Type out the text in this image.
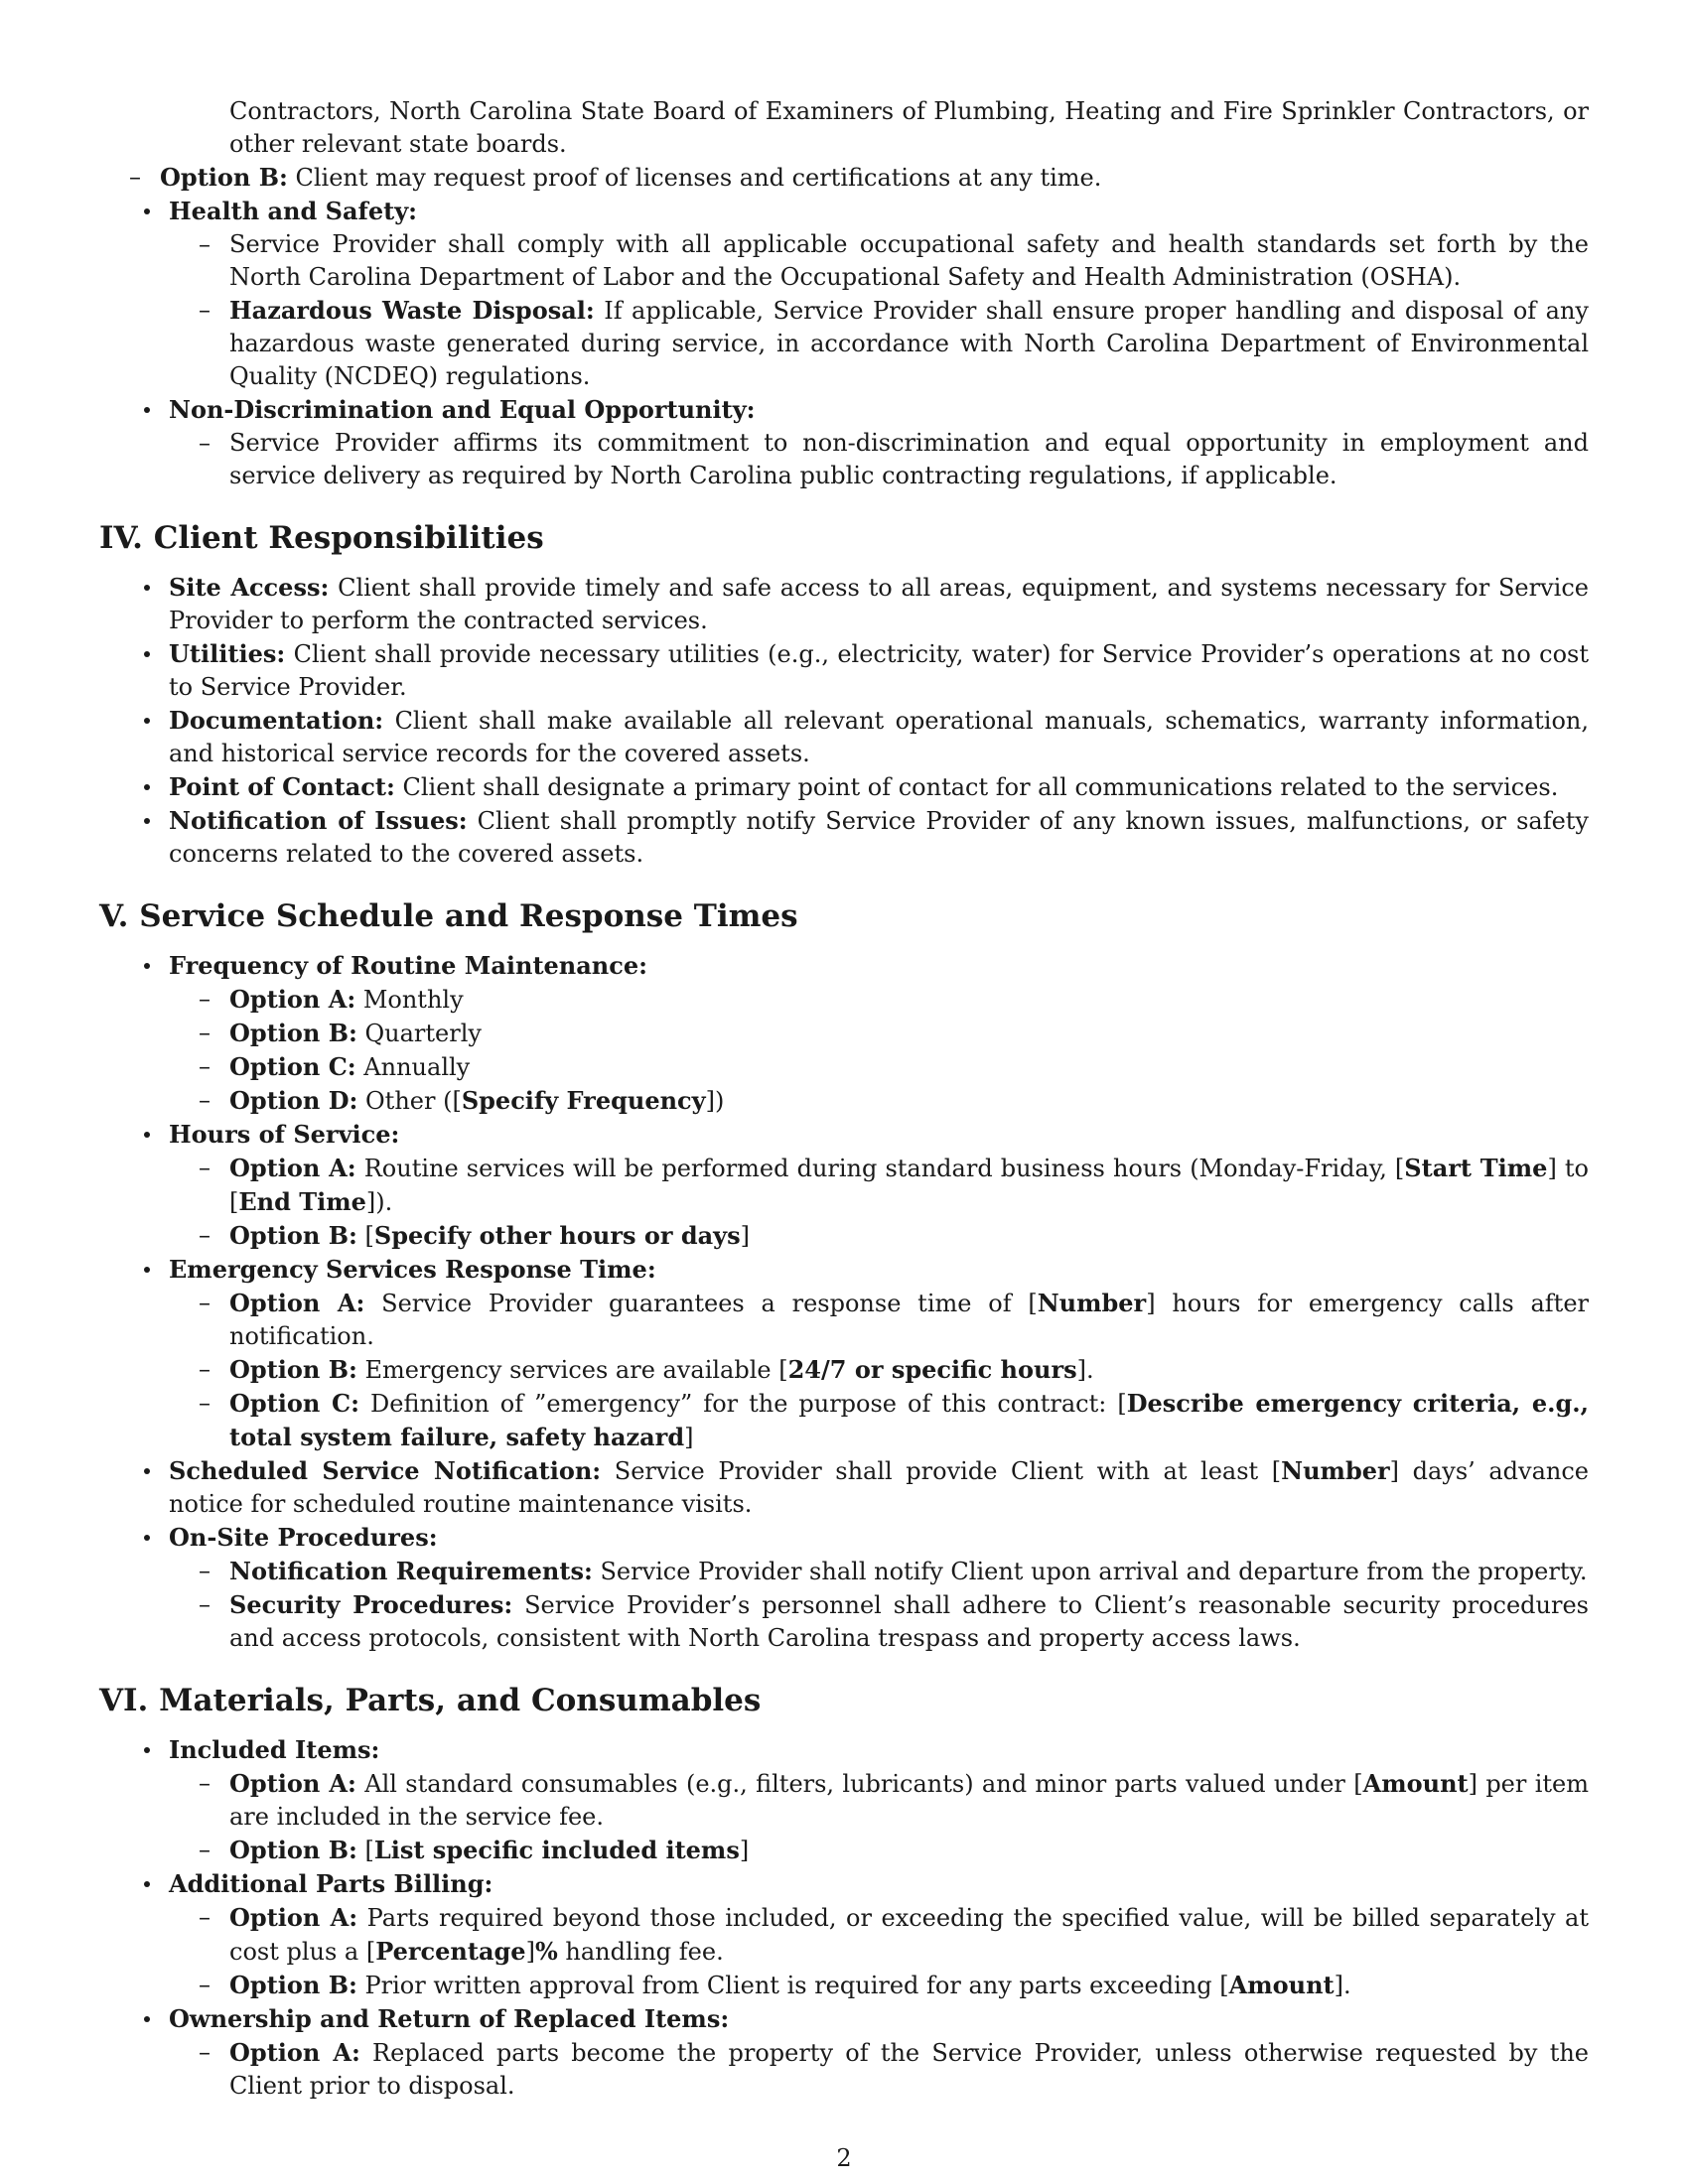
Contractors, North Carolina State Board of Examiners of Plumbing, Heating and Fire Sprinkler Contractors, or other relevant state boards.
– Option B: Client may request proof of licenses and certifications at any time.
Health and Safety:
– Service Provider shall comply with all applicable occupational safety and health standards set forth by the North Carolina Department of Labor and the Occupational Safety and Health Administration (OSHA).
– Hazardous Waste Disposal: If applicable, Service Provider shall ensure proper handling and disposal of any hazardous waste generated during service, in accordance with North Carolina Department of Environmental Quality (NCDEQ) regulations.
Non-Discrimination and Equal Opportunity:
– Service Provider affirms its commitment to non-discrimination and equal opportunity in employment and service delivery as required by North Carolina public contracting regulations, if applicable.
IV. Client Responsibilities
Site Access: Client shall provide timely and safe access to all areas, equipment, and systems necessary for Service Provider to perform the contracted services.
Utilities: Client shall provide necessary utilities (e.g., electricity, water) for Service Provider’s operations at no cost to Service Provider.
Documentation: Client shall make available all relevant operational manuals, schematics, warranty information, and historical service records for the covered assets.
Point of Contact: Client shall designate a primary point of contact for all communications related to the services.
Notification of Issues: Client shall promptly notify Service Provider of any known issues, malfunctions, or safety concerns related to the covered assets.
V. Service Schedule and Response Times
Frequency of Routine Maintenance:
– Option A: Monthly
– Option B: Quarterly
– Option C: Annually
– Option D: Other ([Specify Frequency])
Hours of Service:
– Option A: Routine services will be performed during standard business hours (Monday-Friday, [Start Time] to [End Time]).
– Option B: [Specify other hours or days]
Emergency Services Response Time:
– Option A: Service Provider guarantees a response time of [Number] hours for emergency calls after notification.
– Option B: Emergency services are available [24/7 or specific hours].
– Option C: Definition of ”emergency” for the purpose of this contract: [Describe emergency criteria, e.g., total system failure, safety hazard]
Scheduled Service Notification: Service Provider shall provide Client with at least [Number] days’ advance notice for scheduled routine maintenance visits.
On-Site Procedures:
– Notification Requirements: Service Provider shall notify Client upon arrival and departure from the property.
– Security Procedures: Service Provider’s personnel shall adhere to Client’s reasonable security procedures and access protocols, consistent with North Carolina trespass and property access laws.
VI. Materials, Parts, and Consumables
Included Items:
– Option A: All standard consumables (e.g., filters, lubricants) and minor parts valued under [Amount] per item are included in the service fee.
– Option B: [List specific included items]
Additional Parts Billing:
– Option A: Parts required beyond those included, or exceeding the specified value, will be billed separately at cost plus a [Percentage]% handling fee.
– Option B: Prior written approval from Client is required for any parts exceeding [Amount].
Ownership and Return of Replaced Items:
– Option A: Replaced parts become the property of the Service Provider, unless otherwise requested by the Client prior to disposal.
2
